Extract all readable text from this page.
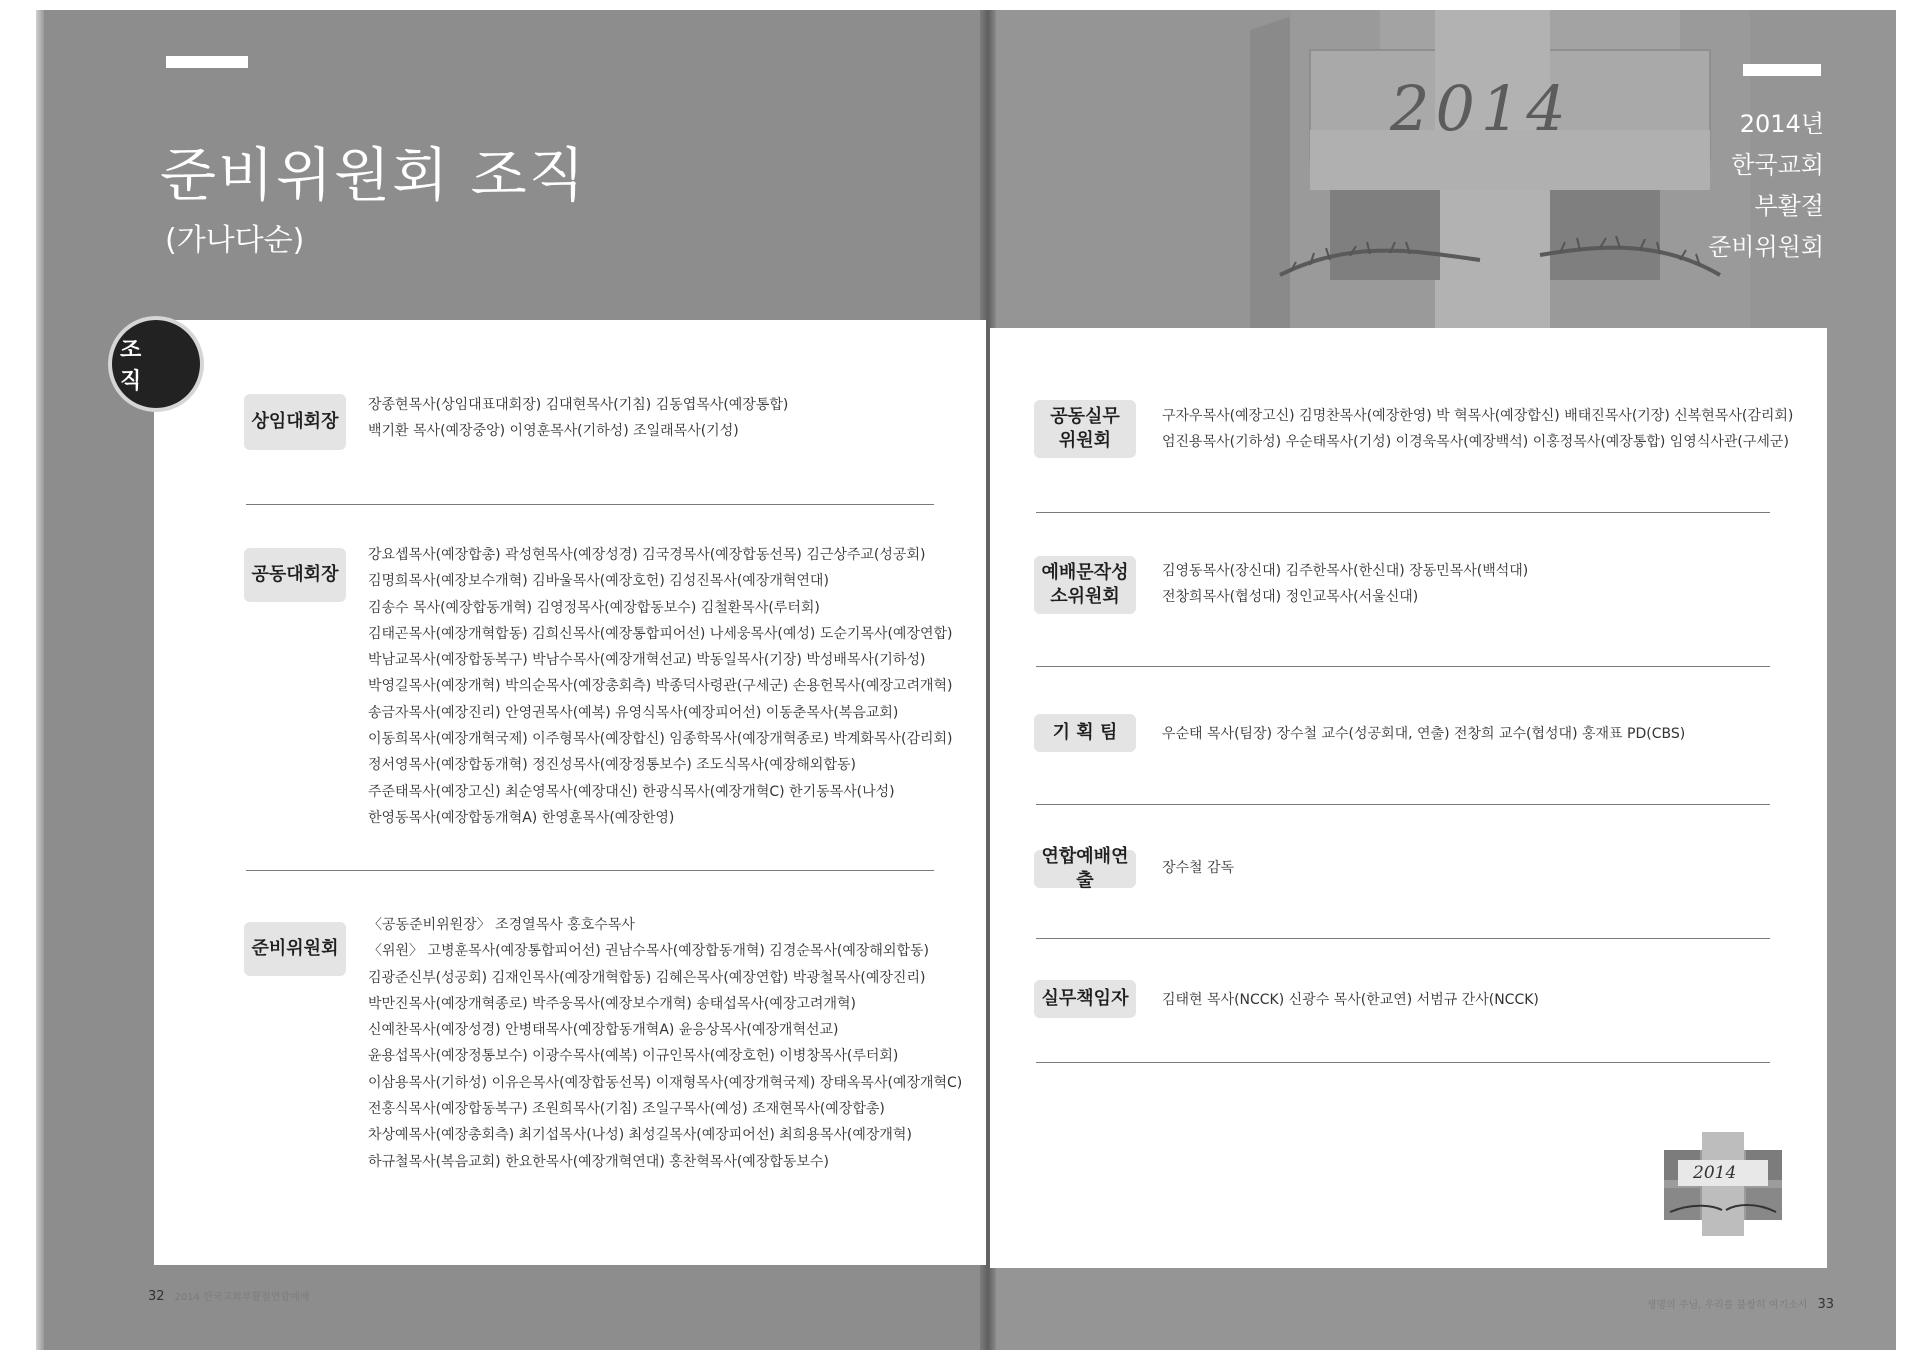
2014
준비위원회 조직
(가나다순)
2014년
한국교회
부활절
준비위원회
조 직
상임대회장
장종현목사(상임대표대회장) 김대현목사(기침) 김동엽목사(예장통합)
백기환 목사(예장중앙) 이영훈목사(기하성) 조일래목사(기성)
공동대회장
강요셉목사(예장합총) 곽성현목사(예장성경) 김국경목사(예장합동선목) 김근상주교(성공회)
김명희목사(예장보수개혁) 김바울목사(예장호헌) 김성진목사(예장개혁연대)
김송수 목사(예장합동개혁) 김영정목사(예장합동보수) 김철환목사(루터회)
김태곤목사(예장개혁합동) 김희신목사(예장통합피어선) 나세웅목사(예성) 도순기목사(예장연합)
박남교목사(예장합동복구) 박남수목사(예장개혁선교) 박동일목사(기장) 박성배목사(기하성)
박영길목사(예장개혁) 박의순목사(예장총회측) 박종덕사령관(구세군) 손용헌목사(예장고려개혁)
송금자목사(예장진리) 안영권목사(예복) 유영식목사(예장피어선) 이동춘목사(복음교회)
이동희목사(예장개혁국제) 이주형목사(예장합신) 임종학목사(예장개혁종로) 박계화목사(감리회)
정서영목사(예장합동개혁) 정진성목사(예장정통보수) 조도식목사(예장해외합동)
주준태목사(예장고신) 최순영목사(예장대신) 한광식목사(예장개혁C) 한기동목사(나성)
한영동목사(예장합동개혁A) 한영훈목사(예장한영)
준비위원회
〈공동준비위원장〉 조경열목사 홍호수목사
〈위원〉 고병훈목사(예장통합피어선) 권남수목사(예장합동개혁) 김경순목사(예장해외합동)
김광준신부(성공회) 김재인목사(예장개혁합동) 김혜은목사(예장연합) 박광철목사(예장진리)
박만진목사(예장개혁종로) 박주웅목사(예장보수개혁) 송태섭목사(예장고려개혁)
신예찬목사(예장성경) 안병태목사(예장합동개혁A) 윤응상목사(예장개혁선교)
윤용섭목사(예장정통보수) 이광수목사(예복) 이규인목사(예장호헌) 이병창목사(루터회)
이삼용목사(기하성) 이유은목사(예장합동선목) 이재형목사(예장개혁국제) 장태옥목사(예장개혁C)
전홍식목사(예장합동복구) 조원희목사(기침) 조일구목사(예성) 조재현목사(예장합총)
차상예목사(예장총회측) 최기섭목사(나성) 최성길목사(예장피어선) 최희용목사(예장개혁)
하규철목사(복음교회) 한요한목사(예장개혁연대) 홍찬혁목사(예장합동보수)
공동실무
위원회
구자우목사(예장고신) 김명찬목사(예장한영) 박 혁목사(예장합신) 배태진목사(기장) 신복현목사(감리회)
엄진용목사(기하성) 우순태목사(기성) 이경욱목사(예장백석) 이홍정목사(예장통합) 임영식사관(구세군)
예배문작성
소위원회
김영동목사(장신대) 김주한목사(한신대) 장동민목사(백석대)
전창희목사(협성대) 정인교목사(서울신대)
기 획 팀	우순태 목사(팀장) 장수철 교수(성공회대, 연출) 전창희 교수(협성대) 홍재표 PD(CBS)
연합예배연출
장수철 감독
실무책임자 김태현 목사(NCCK) 신광수 목사(한교연) 서범규 간사(NCCK)
2014
32 2014 한국교회부활절연합예배
생명의 주님, 우리를 불쌍히 여기소서 33
